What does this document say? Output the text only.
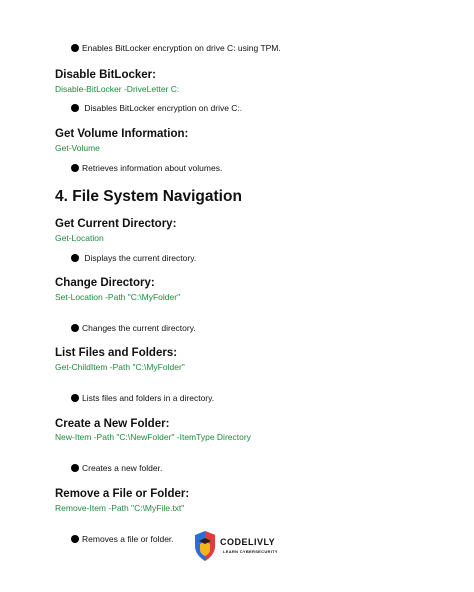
Enables BitLocker encryption on drive C: using TPM.
Disable BitLocker:
Disable-BitLocker -DriveLetter C:
Disables BitLocker encryption on drive C:.
Get Volume Information:
Get-Volume
Retrieves information about volumes.
4. File System Navigation
Get Current Directory:
Get-Location
Displays the current directory.
Change Directory:
Set-Location -Path "C:\MyFolder"
Changes the current directory.
List Files and Folders:
Get-ChildItem -Path "C:\MyFolder"
Lists files and folders in a directory.
Create a New Folder:
New-Item -Path "C:\NewFolder" -ItemType Directory
Creates a new folder.
Remove a File or Folder:
Remove-Item -Path "C:\MyFile.txt"
Removes a file or folder.	CODELIVLY
LEARN CYBERSECURITY
